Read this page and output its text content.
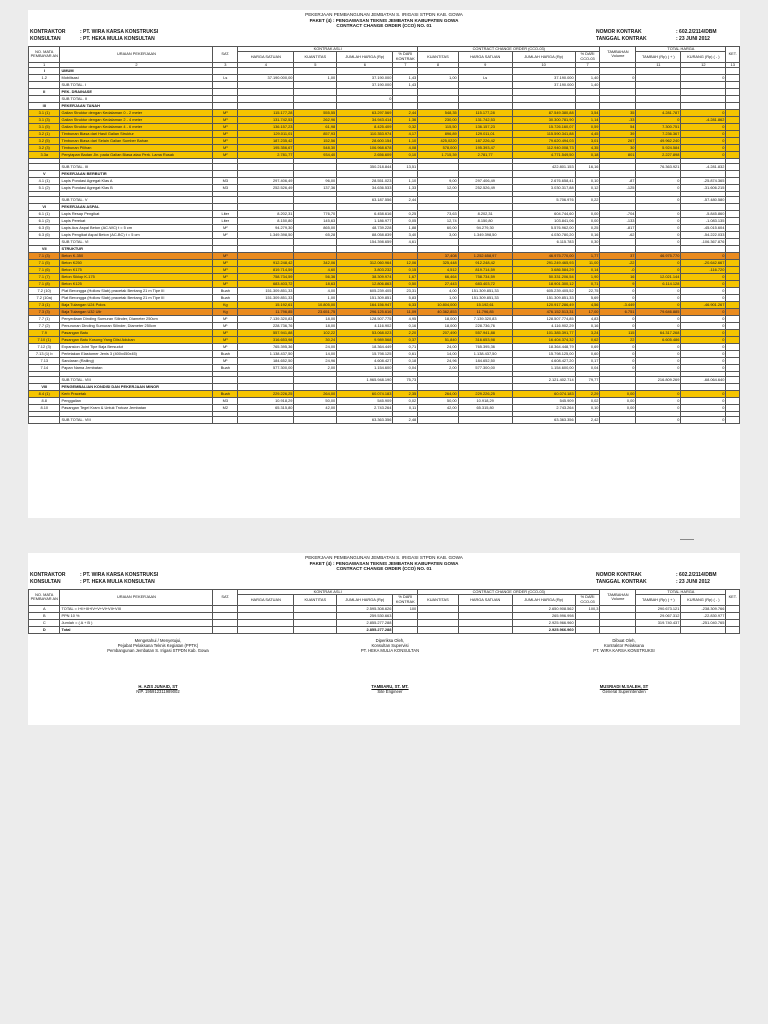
PEKERJAAN PEMBANGUNAN JEMBATAN S. IRIGASI STPDN KAB. GOWA
PAKET (4) : PENGAWASAN TEKNIS JEMBATAN KABUPATEN GOWA
CONTRACT CHANGE ORDER (CCO) NO. 01
KONTRAKTOR	: PT. WIRA KARSA KONSTRUKSI
KONSULTAN	: PT. HEKA MULIA KONSULTAN
NOMOR KONTRAK	: 602.2/2114/DBM
TANGGAL KONTRAK	: 23 JUNI 2012
NO. MATA PEMBAYAR AN	URAIAN PEKERJAAN	SAT.	KONTRAK ASLI				CONTRACT CHANGE ORDER (CCO-03)				TAMBAHAN Volume	TOTAL HARGA		KET.
			HARGA SATUAN	KUANTITAS	JUMLAH HARGA (Rp)	% DARI KONTRAK	KUANTITAS	HARGA SATUAN	JUMLAH HARGA (Rp)	% DARI CCO-03		TAMBAH (Rp) ( + )	KURANG (Rp) ( - )	
1	2	3	4	5	6	7	8	9	10	7		11	12	13
I	UMUM													
1.2	Mobilisasi	Ls	37.190.000,00	1,00	37.190.000	1,43	1,00	Ls	37.190.000	1,40	0		0	
	SUB TOTAL. I				37.190.000	1,43			37.190.000	1,40				
II	PEK. DRAINASE													
	SUB TOTAL. II				0									
III	PEKERJAAN TANAH													
3.1 (1)	Galian Struktur dengan Kedalaman 0 - 2 meter	M³	115.177,28	555,55	63.297.569	2,44	548,35	115.177,28	87.549.380,88	3,54	35	4.281.787	0	
3.1 (3)	Galian Struktur dengan Kedalaman 2 - 4 meter	M³	131.742,53	262,96	34.943.414	1,36	230,00	131.742,53	30.300.781,90	1,14	-33	0	-4.281.862	
3.1 (5)	Galian Struktur dengan Kedalaman 4 - 6 meter	M³	136.157,23	61,98	8.425.409	0,32	115,50	136.157,23	15.726.160,07	0,59	54	7.300.751	0	
3.2 (1)	Timbunan Biasa dari Hasil Galian Struktur	M³	129.011,01	857,93	110.353.974	4,17	896,89	129.011,01	115.590.341,88	4,45	39	7.236.367	0	
3.2 (5)	Timbunan Biasa dari Selain Galian Sumber Bahan	M³	187.235,42	152,56	28.600.154	1,10	425,0220	187.226,42	79.620.494,03	3,01	267	49.962.240	0	
3.2 (3)	Timbunan Pilihan	M³	195.356,67	548,30	106.968.678	4,08	578,000	195.393,47	112.940.008,73	4,35	30	5.924.584	0	
3.3a	Penyiapan Badan Jln. pada Galian Biasa atau Perk. Lama Rusak	M²	2.781,77	934,40	2.656.609	0,10	1.715,39	2.781,77	4.771.549,50	0,18	801	2.227.898	0	

	SUB TOTAL. III				350.218.844	13,51			422.801.153	16,16		76.363.921	-4.281.832	
V	PEKERJAAN BERBUTIR													
4.1 (1)	Lapis Pondasi Agregat Klas A	M3	297.406,49	96,00	28.551.023	1,10	9,00	297.406,49	2.676.658,41	0,10	-87	0	-25.874.365	
5.1 (2)	Lapis Pondasi Agregat Klas B	M3	252.526,49	137,36	34.636.533	1,33	12,00	252.526,49	3.030.317,88	0,12	-125	0	-31.606.215	

	SUB TOTAL. V				63.187.556	2,44			5.706.976	0,22		0	-57.480.580	
VI	PEKERJAAN ASPAL													
6.1 (1)	Lapis Resap Pengikat	Liter	8.202,31	776,70	6.458.616	0,25	73,63	8.202,31	604.744,60	0,00	-704	0	-5.845.860	
6.1 (2)	Lapis Perekat	Liter	8.150,80	145,63	1.186.977	0,05	12,74	8.150,80	103.841,06	0,00	-133	0	-1.083.135	
6.3 (5)	Lapis Aus Aspal Beton (AC-WC) t = 5 cm	M²	94.279,30	865,00	48.739.228	1,88	60,00	94.279,30	5.576.962,00	0,25	-817	0	-45.015.604	
6.3 (6)	Lapis Pengikat Aspal Beton (AC-BC) t = 5 cm	M²	1.349.398,50	65,28	88.058.839	3,40	3,00	1.349.398,50	4.030.780,20	0,16	-62	0	-54.222.033	
	SUB TOTAL. VI				154.398.659	4,61			6.115.783	0,30		0	-106.367.876	
VII	STRUKTUR													
7.1 (3)	Beton K-350	M³					37,408	1.252.658,97	46.975.770,00	1,77	37	46.975.770	0	
7.1 (5)	Beton K250	M³	912.248,42	342,06	312.060.964	12,06	325,448	912.248,42	291.249.465,93	11,00	-22	0	-20.642.667	
7.1 (6)	Beton K175	M³	819.714,59	4,60	3.803.232	0,15	4,512	819.714,59	3.686.584,29	0,14	-0	0	-116.720	
7.1 (7)	Beton Siklop K-175	M³	758.734,59	56,36	38.309.974	1,67	66,464	758.734,59	50.331.206,54	1,90	16	12.021.144	0	
7.1 (8)	Beton K125	M³	683.403,72	18,63	12.806.863	0,50	27,443	683.403,72	18.901.300,12	0,71	9	6.114.128	0	
7.2 (10)	Plat Berongga (Hollow Slab) pracetak Bentang 21 m Tipe III	Buah	151.309.851,33	4,00	605.239.405	23,31	4,00	151.309.851,33	605.239.405,52	22,75	0	0	0	
7.2 (10a)	Plat Berongga (Hollow Slab) pracetak Bentang 21 m Tipe III	Buah	151.309.851,33	1,00	151.309.851	5,83	1,00	151.309.851,33	151.309.851,33	5,69	0	0	0	
7.3 (1)	Baja Tulangan U24 Polos	Kg	15.192,61	10.805,00	164.156.947	6,33	10.804,000	15.192,61	120.917.286,49	4,56	-3.449	0	-46.901.267	
7.3 (3)	Baja Tulangan U32 Ulir	Kg	11.796,85	23.651,75	296.125.616	11,09	40.362,853	11.796,85	476.152.513,31	17,00	6.751	79.646.885	0	
7.7 (1)	Penyediaan Dinding Sumuran Silinder, Diameter 250cm	M¹	7.139.320,83	18,00	128.507.775	4,95	18,000	7.139.320,83	128.507.774,85	4,83	0	0	0	
7.7 (2)	Penurunan Dinding Sumuran Silinder, Diameter 250cm	M¹	228.736,76	18,00	4.116.902	0,16	18,000	228.736,76	4.116.902,29	0,16	0	0	0	
7.9	Pasangan Batu	M³	557.941,88	102,22	53.068.023	2,20	207,490	557.941,88	101.385.391,77	3,24	115	64.317.268	0	
7.10 (1)	Pasangan Batu Kosong Yang Diisi Adukan	M³	316.653,98	30,24	9.989.568	0,37	51,840	316.653,98	16.404.374,32	0,62	22	6.605.486	0	
7.12 (3)	Expansion Joint Tipe Baja Bersudut	M¹	765.395,36	24,00	18.364.449	0,71	24,00	765.395,36	18.364.448,79	0,69	0	0	0	
7.13 (1) b	Perletakan Elastomer Jenis 3 (400x450x45)	Buah	1.138.437,50	14,00	15.798.125	0,61	14,00	1.138.437,50	15.798.125,00	0,60	0	0	0	
7.13	Sandaran (Railing)	M¹	184.652,50	24,96	4.608.427	0,18	24,96	184.652,50	4.608.427,20	0,17	0	0	0	
7.14	Papan Nama Jembatan	Buah	577.300,00	2,00	1.154.600	0,04	2,00	577.300,00	1.154.600,00	0,04	0	0	0	

	SUB TOTAL. VIII				1.965.948.190	75,73			2.121.402.714	79,77		216.809.269	-68.064.640	
VIII	PENGEMBALIAN KONDISI DAN PEKERJAAN MINOR													
8.4 (1)	Kerb Pracetak	Buah	229.226,25	264,00	60.074.183	2,35	264,00	229.226,25	60.074.183	2,29	0,00	0	0	
8.8	Penggalian	M3	10.918,29	50,00	545.909	0,02	50,00	10.918,29	545.909	0,02	0,00	0	0	
8.10	Pasangan Tegel Kram & Untuk Trotoar Jembatan	M2	65.315,80	42,00	2.743.264	0,11	42,00	65.315,80	2.743.264	0,10	0,00	0	0	

	SUB TOTAL. VIII				63.363.356	2,48			63.363.356	2,42		0	0	
PEKERJAAN PEMBANGUNAN JEMBATAN S. IRIGASI STPDN KAB. GOWA
PAKET (4) : PENGAWASAN TEKNIS JEMBATAN KABUPATEN GOWA
CONTRACT CHANGE ORDER (CCO) NO. 01
KONTRAKTOR	: PT. WIRA KARSA KONSTRUKSI
KONSULTAN	: PT. HEKA MULIA KONSULTAN
NOMOR KONTRAK	: 602.2/2114/DBM
TANGGAL KONTRAK	: 23 JUNI 2012
NO. MATA PEMBAYAR AN	URAIAN PEKERJAAN	SAT.	KONTRAK ASLI				CONTRACT CHANGE ORDER (CCO-03)				TAMBAHAN Volume	TOTAL HARGA		KET.
			HARGA SATUAN	KUANTITAS	JUMLAH HARGA (Rp)	% DARI KONTRAK	KUANTITAS	HARGA SATUAN	JUMLAH HARGA (Rp)	% DARI CCO-03		TAMBAH (Rp) ( + )	KURANG (Rp) ( - )	
A	TOTAL = I+II+III+IV+V+VI+VII+VIII				2.595.308.626	100			2.650.908.562	100,3		290.673.121	-238.309.766	
B	PPN 10 %				259.530.663				265.996.998			29.067.312	-22.830.977	
C	Jumlah = ( A + B )				2.855.277.288				2.925.966.960			319.740.437	-251.040.765	
D	Total				2.855.277.288				2.925.966.960					
Mengetahui / Menyetujui,
Pejabat Pelaksana Teknis Kegiatan (PPTK)
Pembangunan Jembatan S. Irigasi STPDN Kab. Gowa
Diperiksa Oleh,
Konsultan Supervisi
PT. HEKA MULIA KONSULTAN
Dibuat Oleh,
Kontraktor Pelaksana
PT. WIRA KARSA KONSTRUKSI
H. AZIS JUNAID, ST
NIP. 195912311989002
TAMBARU, ST. MT.
Site Engineer
MUSRIADI M.SALEH, ST
General Superintenden
